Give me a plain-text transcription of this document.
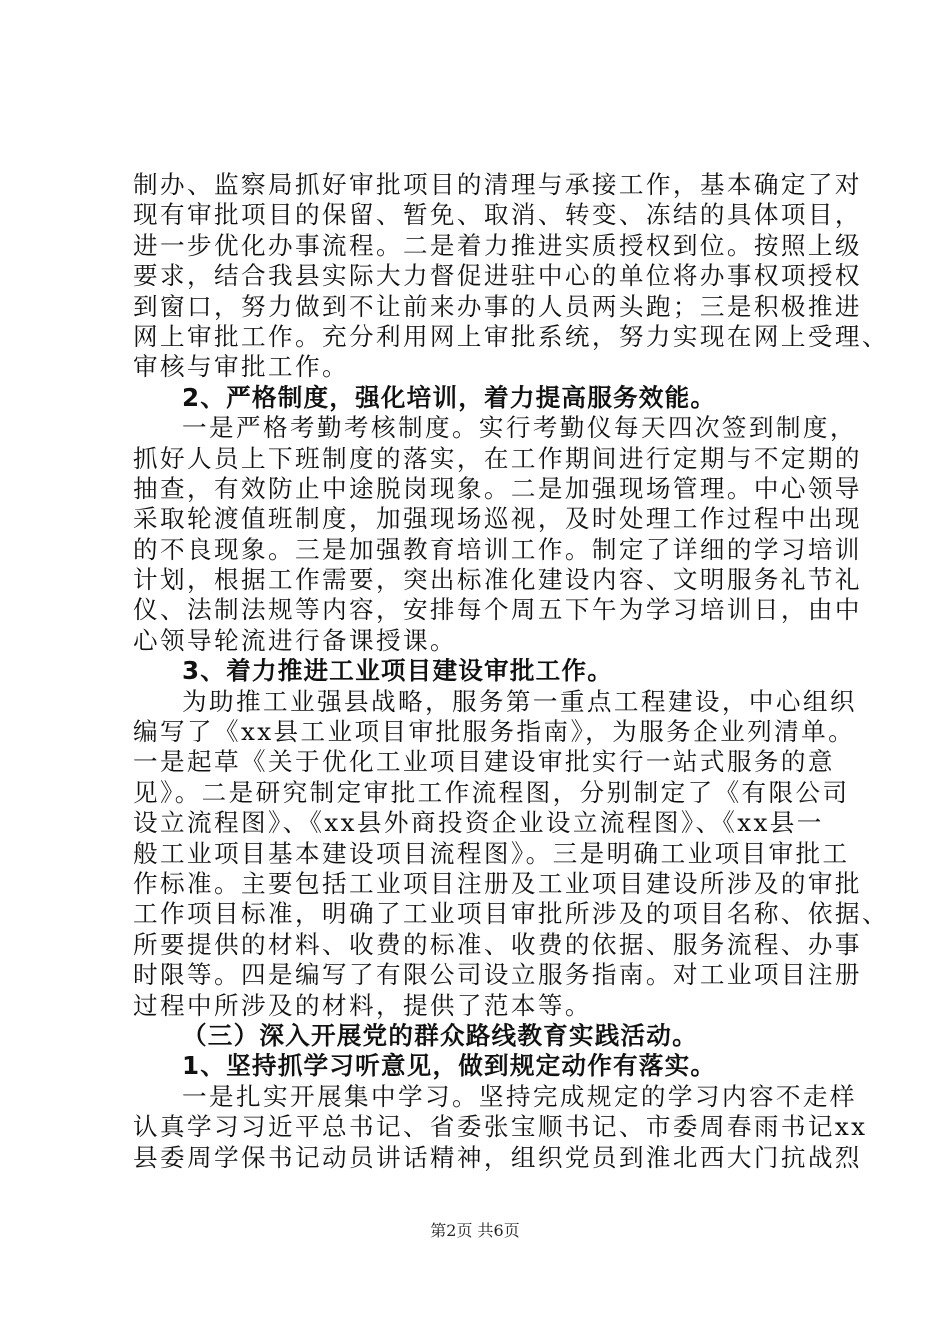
制办、监察局抓好审批项目的清理与承接工作，基本确定了对
现有审批项目的保留、暂免、取消、转变、冻结的具体项目，
进一步优化办事流程。二是着力推进实质授权到位。按照上级
要求，结合我县实际大力督促进驻中心的单位将办事权项授权
到窗口，努力做到不让前来办事的人员两头跑；三是积极推进
网上审批工作。充分利用网上审批系统，努力实现在网上受理、
审核与审批工作。
2、严格制度，强化培训，着力提高服务效能。
一是严格考勤考核制度。实行考勤仪每天四次签到制度，
抓好人员上下班制度的落实，在工作期间进行定期与不定期的
抽查，有效防止中途脱岗现象。二是加强现场管理。中心领导
采取轮渡值班制度，加强现场巡视，及时处理工作过程中出现
的不良现象。三是加强教育培训工作。制定了详细的学习培训
计划，根据工作需要，突出标准化建设内容、文明服务礼节礼
仪、法制法规等内容，安排每个周五下午为学习培训日，由中
心领导轮流进行备课授课。
3、着力推进工业项目建设审批工作。
为助推工业强县战略，服务第一重点工程建设，中心组织
编写了《xx县工业项目审批服务指南》，为服务企业列清单。
一是起草《关于优化工业项目建设审批实行一站式服务的意
见》。二是研究制定审批工作流程图，分别制定了《有限公司
设立流程图》、《xx县外商投资企业设立流程图》、《xx县一
般工业项目基本建设项目流程图》。三是明确工业项目审批工
作标准。主要包括工业项目注册及工业项目建设所涉及的审批
工作项目标准，明确了工业项目审批所涉及的项目名称、依据、
所要提供的材料、收费的标准、收费的依据、服务流程、办事
时限等。四是编写了有限公司设立服务指南。对工业项目注册
过程中所涉及的材料，提供了范本等。
（三）深入开展党的群众路线教育实践活动。
1、坚持抓学习听意见，做到规定动作有落实。
一是扎实开展集中学习。坚持完成规定的学习内容不走样
认真学习习近平总书记、省委张宝顺书记、市委周春雨书记xx
县委周学保书记动员讲话精神，组织党员到淮北西大门抗战烈
第2页 共6页
